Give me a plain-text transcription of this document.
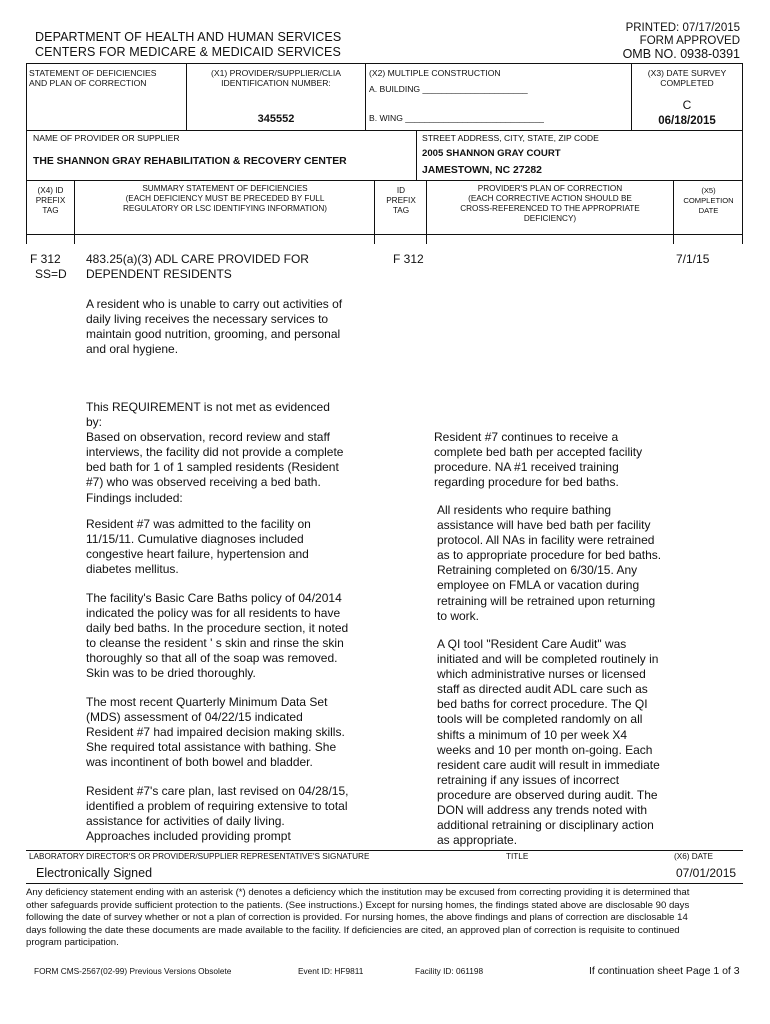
DEPARTMENT OF HEALTH AND HUMAN SERVICES
CENTERS FOR MEDICARE & MEDICAID SERVICES
PRINTED: 07/17/2015
FORM APPROVED
OMB NO. 0938-0391
STATEMENT OF DEFICIENCIES
AND PLAN OF CORRECTION
(X1) PROVIDER/SUPPLIER/CLIA
IDENTIFICATION NUMBER:
345552
(X2) MULTIPLE CONSTRUCTION
A. BUILDING ______________________
B. WING _____________________________
(X3) DATE SURVEY
COMPLETED
C
06/18/2015
NAME OF PROVIDER OR SUPPLIER
THE SHANNON GRAY REHABILITATION & RECOVERY CENTER
STREET ADDRESS, CITY, STATE, ZIP CODE
2005 SHANNON GRAY COURT
JAMESTOWN, NC 27282
(X4) ID
PREFIX
TAG
SUMMARY STATEMENT OF DEFICIENCIES
(EACH DEFICIENCY MUST BE PRECEDED BY FULL
REGULATORY OR LSC IDENTIFYING INFORMATION)
ID
PREFIX
TAG
PROVIDER'S PLAN OF CORRECTION
(EACH CORRECTIVE ACTION SHOULD BE
CROSS-REFERENCED TO THE APPROPRIATE
DEFICIENCY)
(X5)
COMPLETION
DATE
F 312
SS=D
483.25(a)(3) ADL CARE PROVIDED FOR
DEPENDENT RESIDENTS
F 312	7/1/15
A resident who is unable to carry out activities of
daily living receives the necessary services to
maintain good nutrition, grooming, and personal
and oral hygiene.
This REQUIREMENT is not met as evidenced
by:
Based on observation, record review and staff
interviews, the facility did not provide a complete
bed bath for 1 of 1 sampled residents (Resident
#7) who was observed receiving a bed bath.
Findings included:
Resident #7 was admitted to the facility on
11/15/11. Cumulative diagnoses included
congestive heart failure, hypertension and
diabetes mellitus.
The facility's Basic Care Baths policy of 04/2014
indicated the policy was for all residents to have
daily bed baths. In the procedure section, it noted
to cleanse the resident ' s skin and rinse the skin
thoroughly so that all of the soap was removed.
Skin was to be dried thoroughly.
The most recent Quarterly Minimum Data Set
(MDS) assessment of 04/22/15 indicated
Resident #7 had impaired decision making skills.
She required total assistance with bathing. She
was incontinent of both bowel and bladder.
Resident #7's care plan, last revised on 04/28/15,
identified a problem of requiring extensive to total
assistance for activities of daily living.
Approaches included providing prompt
Resident #7 continues to receive a
complete bed bath per accepted facility
procedure. NA #1 received training
regarding procedure for bed baths.
All residents who require bathing
assistance will have bed bath per facility
protocol. All NAs in facility were retrained
as to appropriate procedure for bed baths.
Retraining completed on 6/30/15. Any
employee on FMLA or vacation during
retraining will be retrained upon returning
to work.
A QI tool "Resident Care Audit" was
initiated and will be completed routinely in
which administrative nurses or licensed
staff as directed audit ADL care such as
bed baths for correct procedure. The QI
tools will be completed randomly on all
shifts a minimum of 10 per week X4
weeks and 10 per month on-going. Each
resident care audit will result in immediate
retraining if any issues of incorrect
procedure are observed during audit. The
DON will address any trends noted with
additional retraining or disciplinary action
as appropriate.
LABORATORY DIRECTOR'S OR PROVIDER/SUPPLIER REPRESENTATIVE'S SIGNATURE	TITLE	(X6) DATE
Electronically Signed	07/01/2015
Any deficiency statement ending with an asterisk (*) denotes a deficiency which the institution may be excused from correcting providing it is determined that
other safeguards provide sufficient protection to the patients. (See instructions.) Except for nursing homes, the findings stated above are disclosable 90 days
following the date of survey whether or not a plan of correction is provided. For nursing homes, the above findings and plans of correction are disclosable 14
days following the date these documents are made available to the facility. If deficiencies are cited, an approved plan of correction is requisite to continued
program participation.
FORM CMS-2567(02-99) Previous Versions Obsolete	Event ID: HF9811	Facility ID: 061198	If continuation sheet Page 1 of 3
